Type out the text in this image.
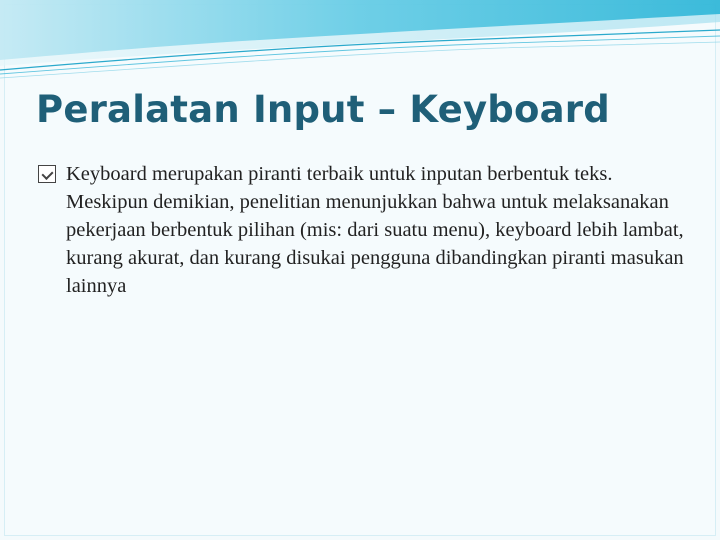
Peralatan Input – Keyboard
Keyboard merupakan piranti terbaik untuk inputan berbentuk teks. Meskipun demikian, penelitian menunjukkan bahwa untuk melaksanakan pekerjaan berbentuk pilihan (mis: dari suatu menu), keyboard lebih lambat, kurang akurat, dan kurang disukai pengguna dibandingkan piranti masukan lainnya
